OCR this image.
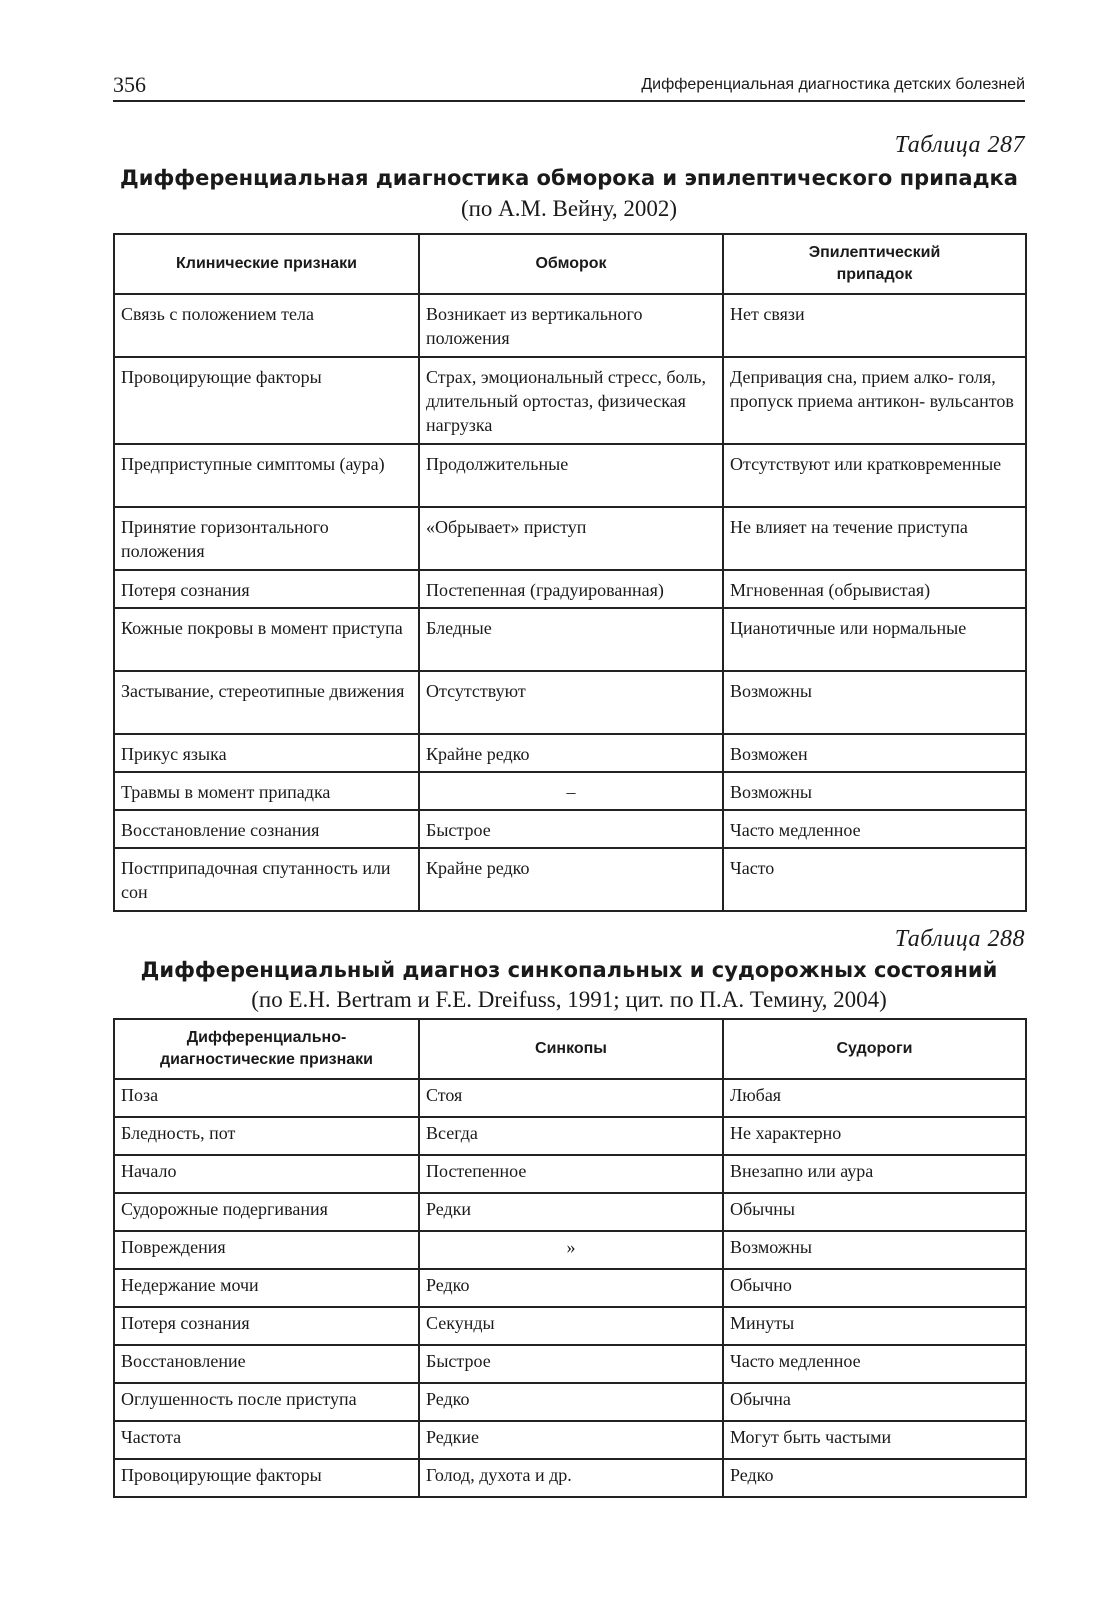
356	Дифференциальная диагностика детских болезней
Таблица 287
Дифференциальная диагностика обморока и эпилептического припадка
(по А.М. Вейну, 2002)
Клинические признаки	Обморок	Эпилептический припадок
Связь с положением тела	Возникает из вертикального положения	Нет связи
Провоцирующие факторы	Страх, эмоциональный стресс, боль, длительный ортостаз, физическая нагрузка	Депривация сна, прием алко- голя, пропуск приема антикон- вульсантов
Предприступные симптомы (аура)	Продолжительные	Отсутствуют или кратковременные
Принятие горизонтального положения	«Обрывает» приступ	Не влияет на течение приступа
Потеря сознания	Постепенная (градуированная)	Мгновенная (обрывистая)
Кожные покровы в момент приступа	Бледные	Цианотичные или нормальные
Застывание, стереотипные движения	Отсутствуют	Возможны
Прикус языка	Крайне редко	Возможен
Травмы в момент припадка	–	Возможны
Восстановление сознания	Быстрое	Часто медленное
Постприпадочная спутанность или сон	Крайне редко	Часто
Таблица 288
Дифференциальный диагноз синкопальных и судорожных состояний
(по E.H. Bertram и F.E. Dreifuss, 1991; цит. по П.А. Темину, 2004)
Дифференциально-диагностические признаки	Синкопы	Судороги
Поза	Стоя	Любая
Бледность, пот	Всегда	Не характерно
Начало	Постепенное	Внезапно или аура
Судорожные подергивания	Редки	Обычны
Повреждения	»	Возможны
Недержание мочи	Редко	Обычно
Потеря сознания	Секунды	Минуты
Восстановление	Быстрое	Часто медленное
Оглушенность после приступа	Редко	Обычна
Частота	Редкие	Могут быть частыми
Провоцирующие факторы	Голод, духота и др.	Редко
